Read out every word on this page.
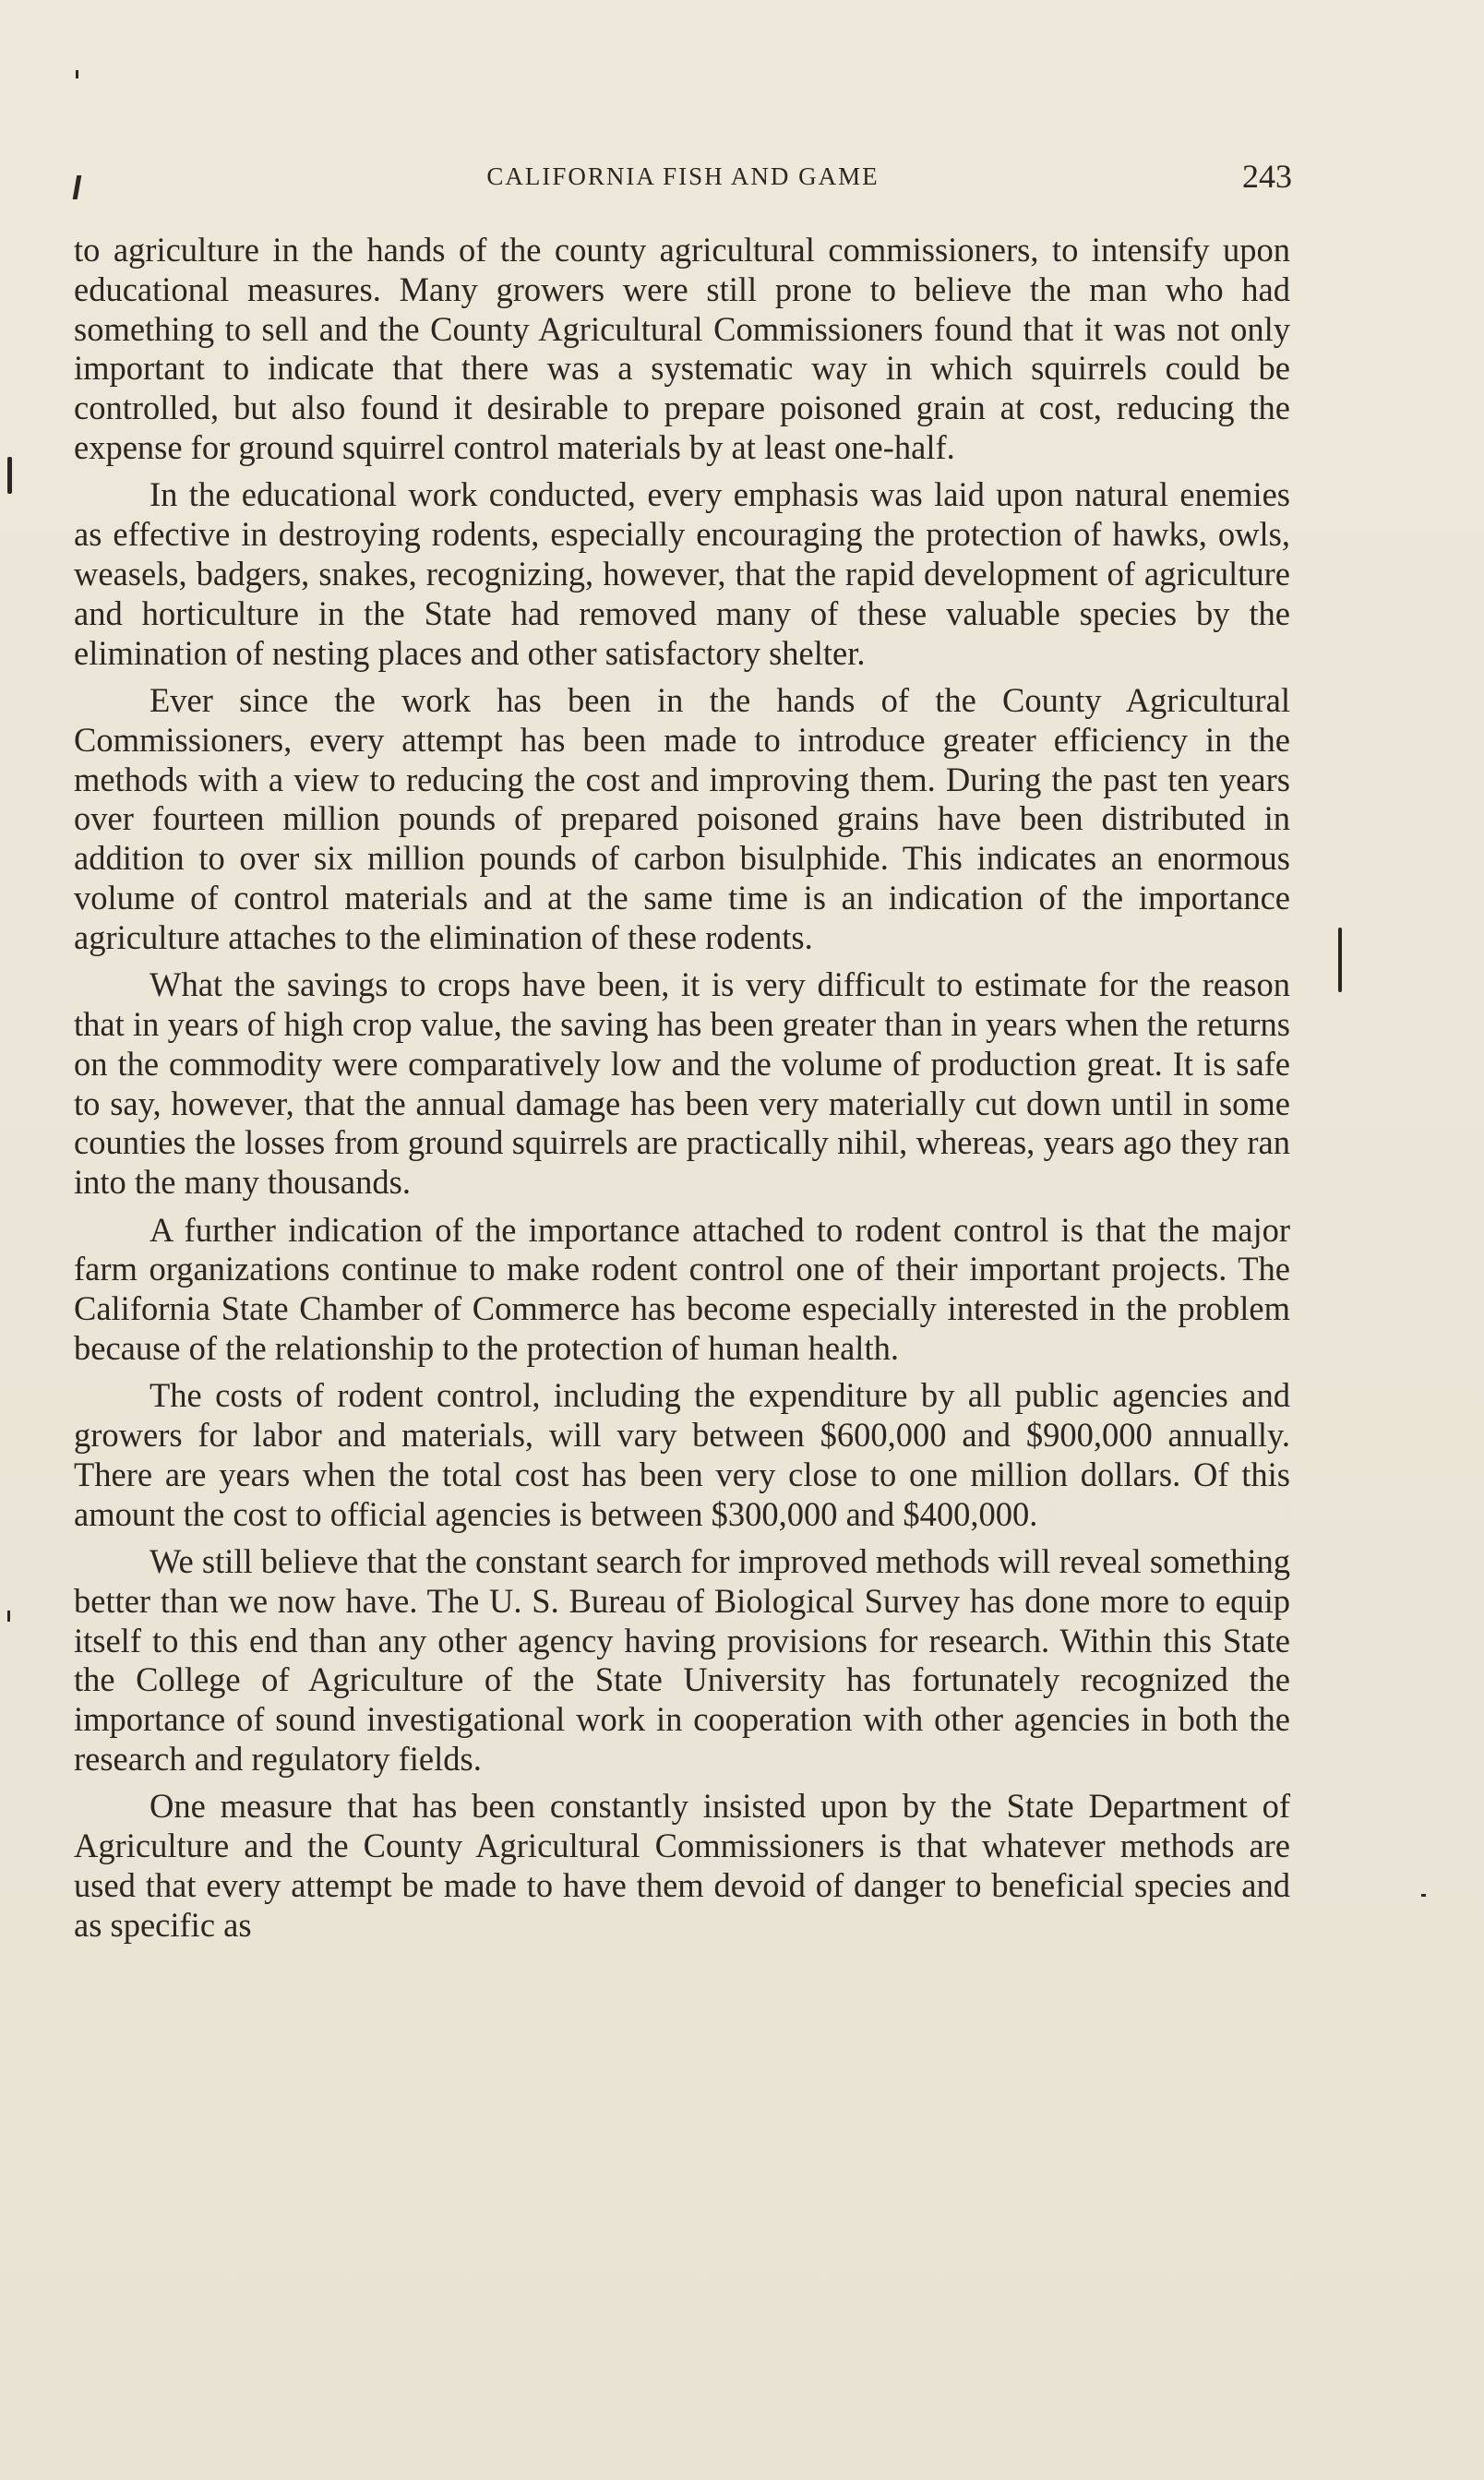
CALIFORNIA FISH AND GAME	243

to agriculture in the hands of the county agricultural commissioners, to intensify upon educational measures. Many growers were still prone to believe the man who had something to sell and the County Agricultural Commissioners found that it was not only important to indicate that there was a systematic way in which squirrels could be controlled, but also found it desirable to prepare poisoned grain at cost, reducing the expense for ground squirrel control materials by at least one-half.

In the educational work conducted, every emphasis was laid upon natural enemies as effective in destroying rodents, especially encouraging the protection of hawks, owls, weasels, badgers, snakes, recognizing, however, that the rapid development of agriculture and horticulture in the State had removed many of these valuable species by the elimination of nesting places and other satisfactory shelter.

Ever since the work has been in the hands of the County Agricultural Commissioners, every attempt has been made to introduce greater efficiency in the methods with a view to reducing the cost and improving them. During the past ten years over fourteen million pounds of prepared poisoned grains have been distributed in addition to over six million pounds of carbon bisulphide. This indicates an enormous volume of control materials and at the same time is an indication of the importance agriculture attaches to the elimination of these rodents.

What the savings to crops have been, it is very difficult to estimate for the reason that in years of high crop value, the saving has been greater than in years when the returns on the commodity were comparatively low and the volume of production great. It is safe to say, however, that the annual damage has been very materially cut down until in some counties the losses from ground squirrels are practically nihil, whereas, years ago they ran into the many thousands.

A further indication of the importance attached to rodent control is that the major farm organizations continue to make rodent control one of their important projects. The California State Chamber of Commerce has become especially interested in the problem because of the relationship to the protection of human health.

The costs of rodent control, including the expenditure by all public agencies and growers for labor and materials, will vary between $600,000 and $900,000 annually. There are years when the total cost has been very close to one million dollars. Of this amount the cost to official agencies is between $300,000 and $400,000.

We still believe that the constant search for improved methods will reveal something better than we now have. The U. S. Bureau of Biological Survey has done more to equip itself to this end than any other agency having provisions for research. Within this State the College of Agriculture of the State University has fortunately recognized the importance of sound investigational work in cooperation with other agencies in both the research and regulatory fields.

One measure that has been constantly insisted upon by the State Department of Agriculture and the County Agricultural Commissioners is that whatever methods are used that every attempt be made to have them devoid of danger to beneficial species and as specific as
